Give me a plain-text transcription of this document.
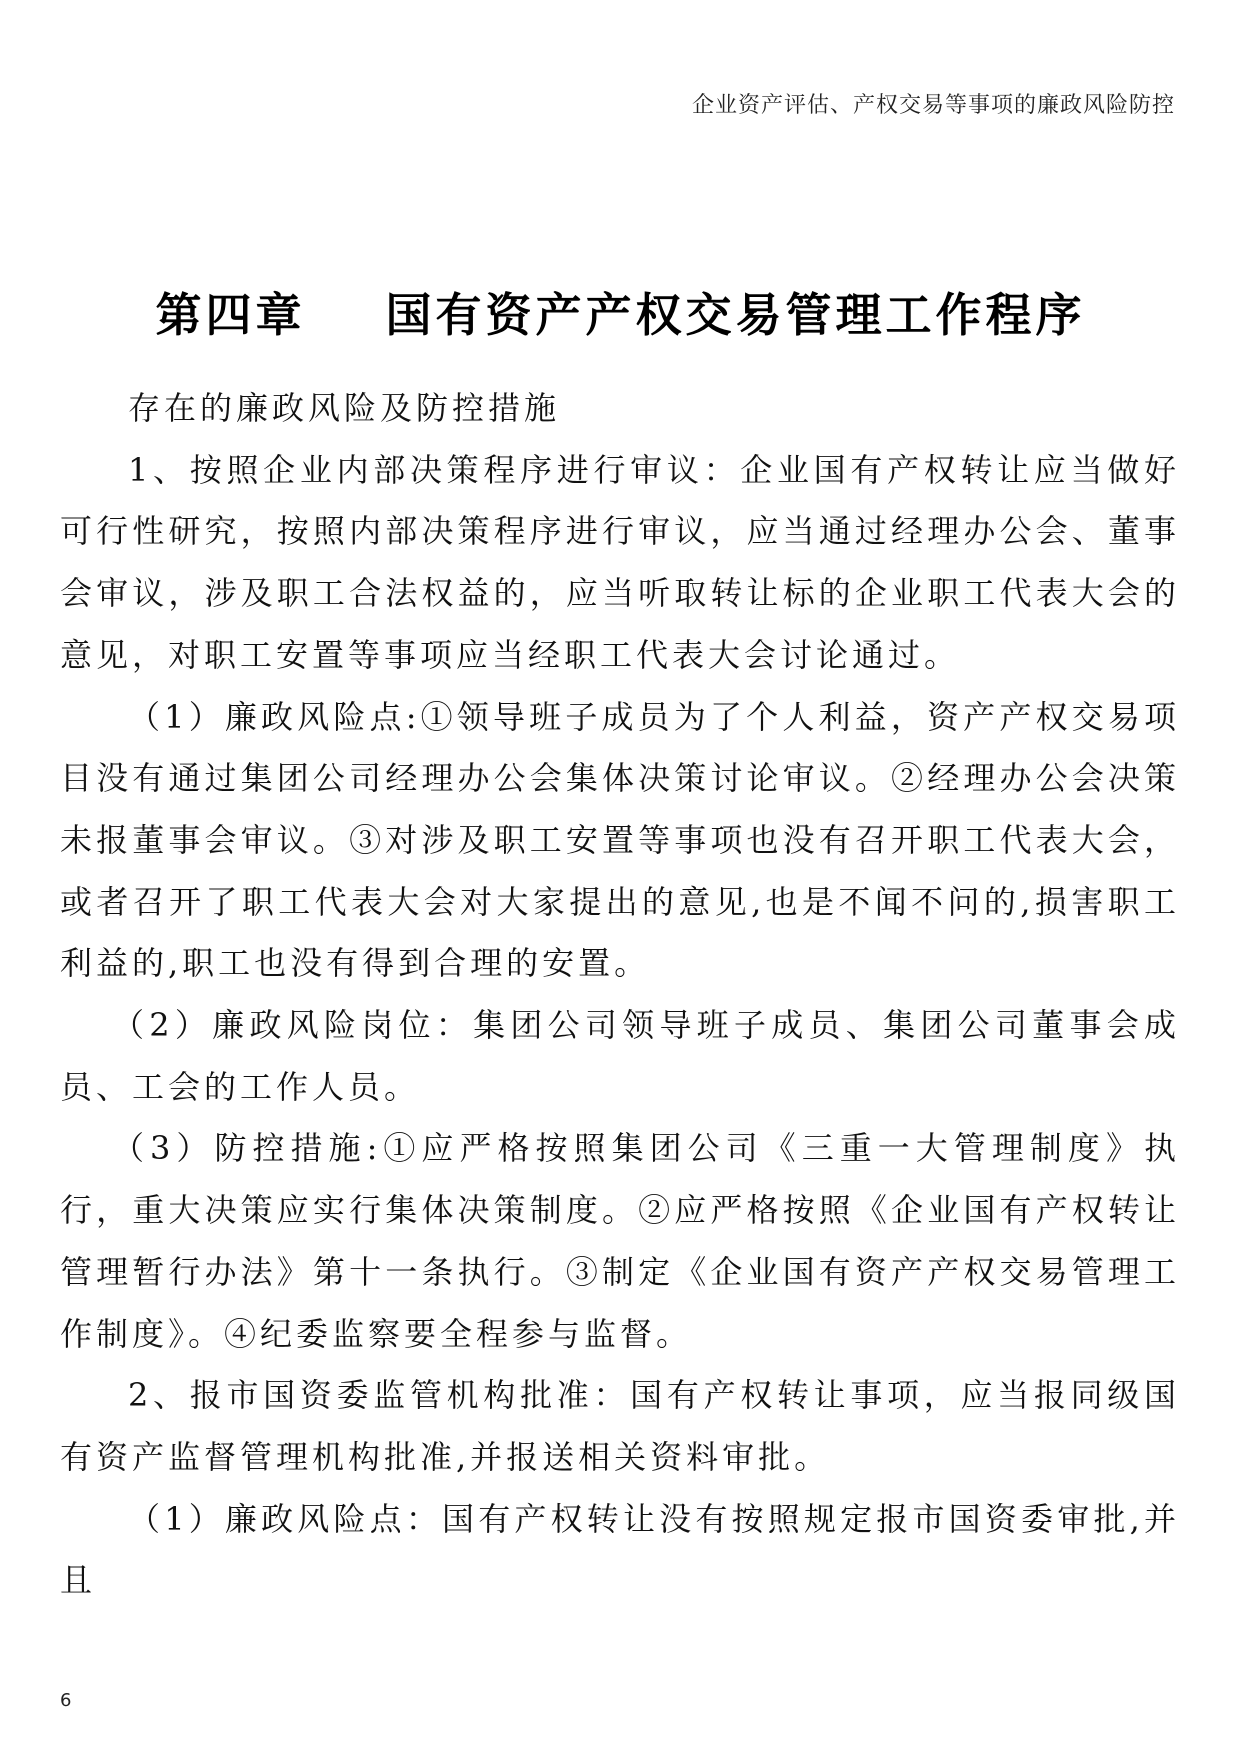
企业资产评估、产权交易等事项的廉政风险防控
第四章    国有资产产权交易管理工作程序

存在的廉政风险及防控措施

1、按照企业内部决策程序进行审议：企业国有产权转让应当做好可行性研究，按照内部决策程序进行审议，应当通过经理办公会、董事会审议，涉及职工合法权益的，应当听取转让标的企业职工代表大会的意见，对职工安置等事项应当经职工代表大会讨论通过。

（1）廉政风险点:①领导班子成员为了个人利益，资产产权交易项目没有通过集团公司经理办公会集体决策讨论审议。②经理办公会决策未报董事会审议。③对涉及职工安置等事项也没有召开职工代表大会，或者召开了职工代表大会对大家提出的意见,也是不闻不问的,损害职工利益的,职工也没有得到合理的安置。

（2）廉政风险岗位：集团公司领导班子成员、集团公司董事会成员、工会的工作人员。

（3）防控措施:①应严格按照集团公司《三重一大管理制度》执行，重大决策应实行集体决策制度。②应严格按照《企业国有产权转让管理暂行办法》第十一条执行。③制定《企业国有资产产权交易管理工作制度》。④纪委监察要全程参与监督。

2、报市国资委监管机构批准：国有产权转让事项，应当报同级国有资产监督管理机构批准,并报送相关资料审批。

（1）廉政风险点：国有产权转让没有按照规定报市国资委审批,并且

6
